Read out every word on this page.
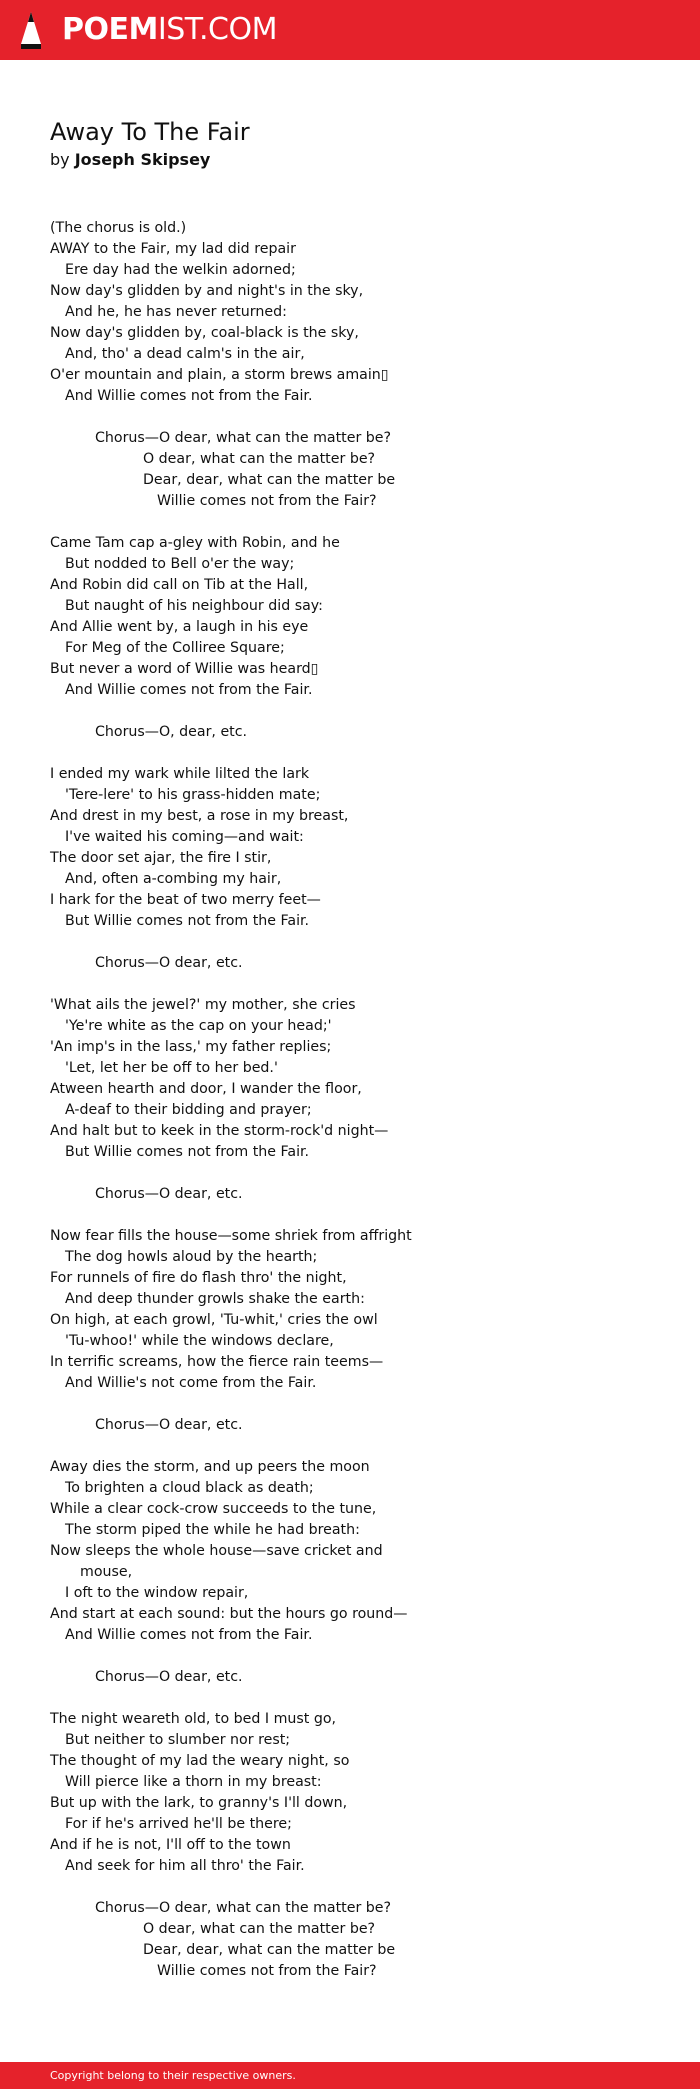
POEMIST.COM
Away To The Fair
by Joseph Skipsey
(The chorus is old.)
AWAY to the Fair, my lad did repair
Ere day had the welkin adorned;
Now day's glidden by and night's in the sky,
And he, he has never returned:
Now day's glidden by, coal-black is the sky,
And, tho' a dead calm's in the air,
O'er mountain and plain, a storm brews amain▯
And Willie comes not from the Fair.
Chorus—O dear, what can the matter be?
O dear, what can the matter be?
Dear, dear, what can the matter be
Willie comes not from the Fair?
Came Tam cap a-gley with Robin, and he
But nodded to Bell o'er the way;
And Robin did call on Tib at the Hall,
But naught of his neighbour did say:
And Allie went by, a laugh in his eye
For Meg of the Colliree Square;
But never a word of Willie was heard▯
And Willie comes not from the Fair.
Chorus—O, dear, etc.
I ended my wark while lilted the lark
'Tere-lere' to his grass-hidden mate;
And drest in my best, a rose in my breast,
I've waited his coming—and wait:
The door set ajar, the fire I stir,
And, often a-combing my hair,
I hark for the beat of two merry feet—
But Willie comes not from the Fair.
Chorus—O dear, etc.
'What ails the jewel?' my mother, she cries
'Ye're white as the cap on your head;'
'An imp's in the lass,' my father replies;
'Let, let her be off to her bed.'
Atween hearth and door, I wander the floor,
A-deaf to their bidding and prayer;
And halt but to keek in the storm-rock'd night—
But Willie comes not from the Fair.
Chorus—O dear, etc.
Now fear fills the house—some shriek from affright
The dog howls aloud by the hearth;
For runnels of fire do flash thro' the night,
And deep thunder growls shake the earth:
On high, at each growl, 'Tu-whit,' cries the owl
'Tu-whoo!' while the windows declare,
In terrific screams, how the fierce rain teems—
And Willie's not come from the Fair.
Chorus—O dear, etc.
Away dies the storm, and up peers the moon
To brighten a cloud black as death;
While a clear cock-crow succeeds to the tune,
The storm piped the while he had breath:
Now sleeps the whole house—save cricket and
mouse,
I oft to the window repair,
And start at each sound: but the hours go round—
And Willie comes not from the Fair.
Chorus—O dear, etc.
The night weareth old, to bed I must go,
But neither to slumber nor rest;
The thought of my lad the weary night, so
Will pierce like a thorn in my breast:
But up with the lark, to granny's I'll down,
For if he's arrived he'll be there;
And if he is not, I'll off to the town
And seek for him all thro' the Fair.
Chorus—O dear, what can the matter be?
O dear, what can the matter be?
Dear, dear, what can the matter be
Willie comes not from the Fair?
Copyright belong to their respective owners.
